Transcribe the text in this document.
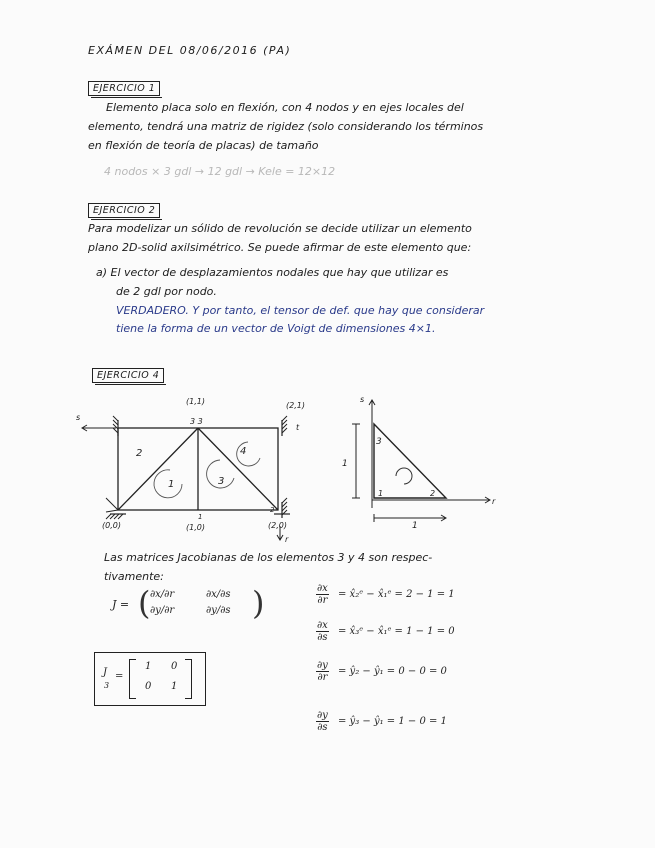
EXÁMEN DEL 08/06/2016 (PA)
EJERCICIO 1
Elemento placa solo en flexión, con 4 nodos y en ejes locales del
elemento, tendrá una matriz de rigidez (solo considerando los términos
en flexión de teoría de placas) de tamaño
4 nodos × 3 gdl → 12 gdl → Kele = 12×12
EJERCICIO 2
Para modelizar un sólido de revolución se decide utilizar un elemento
plano 2D-solid axilsimétrico. Se puede afirmar de este elemento que:
a) El vector de desplazamientos nodales que hay que utilizar es
de 2 gdl por nodo.
VERDADERO. Y por tanto, el tensor de def. que hay que considerar
tiene la forma de un vector de Voigt de dimensiones 4×1.
EJERCICIO 4
s
t
r
2
1	3
4
3 3
1
2
(1,1)	(2,1)
(0,0)	(1,0)	(2,0)
s
r
3
1	2
1
1
Las matrices Jacobianas de los elementos 3 y 4 son respec-
tivamente:
J = ( ∂x/∂r	∂x/∂s
∂y/∂r	∂y/∂s )
J
3
=
1 0
0 1
$\frac{\partial x}{\partial r}$ = x̂₂ᵉ − x̂₁ᵉ = 2 − 1 = 1
$\frac{\partial x}{\partial s}$ = x̂₃ᵉ − x̂₁ᵉ = 1 − 1 = 0
$\frac{\partial y}{\partial r}$ = ŷ₂ − ŷ₁ = 0 − 0 = 0
$\frac{\partial y}{\partial s}$ = ŷ₃ − ŷ₁ = 1 − 0 = 1
